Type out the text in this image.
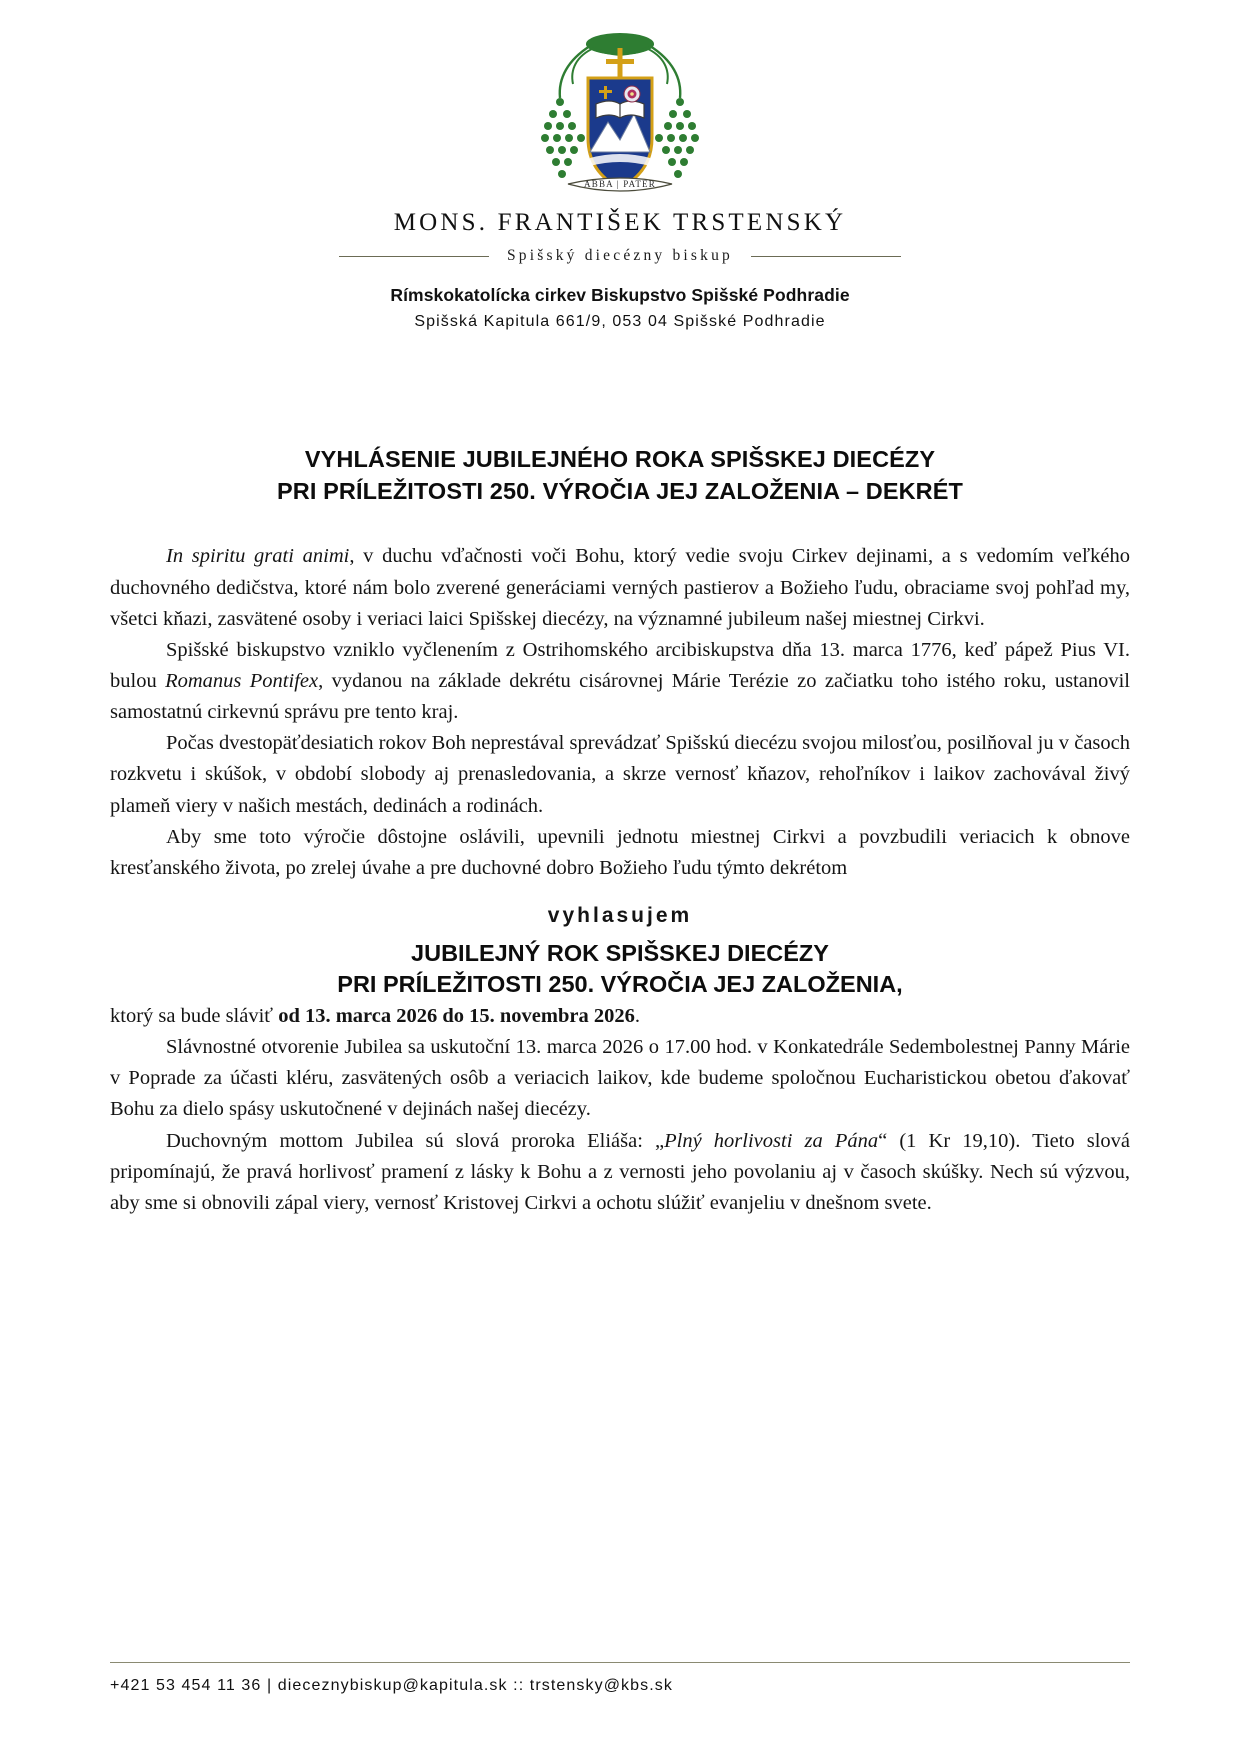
ABBA | PATER
MONS. FRANTIŠEK TRSTENSKÝ
Spišský diecézny biskup
Rímskokatolícka cirkev Biskupstvo Spišské Podhradie
Spišská Kapitula 661/9, 053 04 Spišské Podhradie
VYHLÁSENIE JUBILEJNÉHO ROKA SPIŠSKEJ DIECÉZY
PRI PRÍLEŽITOSTI 250. VÝROČIA JEJ ZALOŽENIA – DEKRÉT

In spiritu grati animi, v duchu vďačnosti voči Bohu, ktorý vedie svoju Cirkev dejinami, a s vedomím veľkého duchovného dedičstva, ktoré nám bolo zverené generáciami verných pastierov a Božieho ľudu, obraciame svoj pohľad my, všetci kňazi, zasvätené osoby i veriaci laici Spišskej diecézy, na významné jubileum našej miestnej Cirkvi.

Spišské biskupstvo vzniklo vyčlenením z Ostrihomského arcibiskupstva dňa 13. marca 1776, keď pápež Pius VI. bulou Romanus Pontifex, vydanou na základe dekrétu cisárovnej Márie Terézie zo začiatku toho istého roku, ustanovil samostatnú cirkevnú správu pre tento kraj.

Počas dvestopäťdesiatich rokov Boh neprestával sprevádzať Spišskú diecézu svojou milosťou, posilňoval ju v časoch rozkvetu i skúšok, v období slobody aj prenasledovania, a skrze vernosť kňazov, rehoľníkov i laikov zachovával živý plameň viery v našich mestách, dedinách a rodinách.

Aby sme toto výročie dôstojne oslávili, upevnili jednotu miestnej Cirkvi a povzbudili veriacich k obnove kresťanského života, po zrelej úvahe a pre duchovné dobro Božieho ľudu týmto dekrétom

vyhlasujem
JUBILEJNÝ ROK SPIŠSKEJ DIECÉZY
PRI PRÍLEŽITOSTI 250. VÝROČIA JEJ ZALOŽENIA,

ktorý sa bude sláviť od 13. marca 2026 do 15. novembra 2026.

Slávnostné otvorenie Jubilea sa uskutoční 13. marca 2026 o 17.00 hod. v Konkatedrále Sedembolestnej Panny Márie v Poprade za účasti kléru, zasvätených osôb a veriacich laikov, kde budeme spoločnou Eucharistickou obetou ďakovať Bohu za dielo spásy uskutočnené v dejinách našej diecézy.

Duchovným mottom Jubilea sú slová proroka Eliáša: „Plný horlivosti za Pána“ (1 Kr 19,10). Tieto slová pripomínajú, že pravá horlivosť pramení z lásky k Bohu a z vernosti jeho povolaniu aj v časoch skúšky. Nech sú výzvou, aby sme si obnovili zápal viery, vernosť Kristovej Cirkvi a ochotu slúžiť evanjeliu v dnešnom svete.

+421 53 454 11 36 | dieceznybiskup@kapitula.sk :: trstensky@kbs.sk
